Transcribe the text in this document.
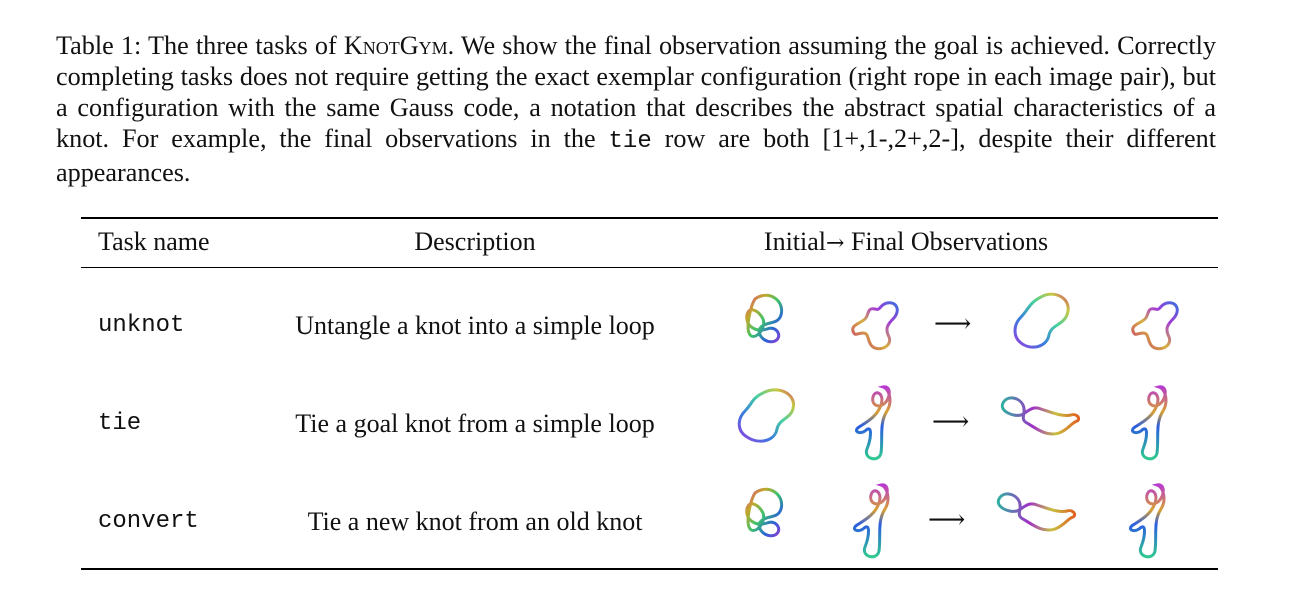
Table 1: The three tasks of KnotGym. We show the final observation assuming the goal is achieved. Correctly completing tasks does not require getting the exact exemplar configuration (right rope in each image pair), but a configuration with the same Gauss code, a notation that describes the abstract spatial characteristics of a knot. For example, the final observations in the tie row are both [1+,1-,2+,2-], despite their different appearances.

Task name	Description	Initial→ Final Observations
unknot	Untangle a knot into a simple loop	⟶
tie	Tie a goal knot from a simple loop	⟶
convert	Tie a new knot from an old knot	⟶
